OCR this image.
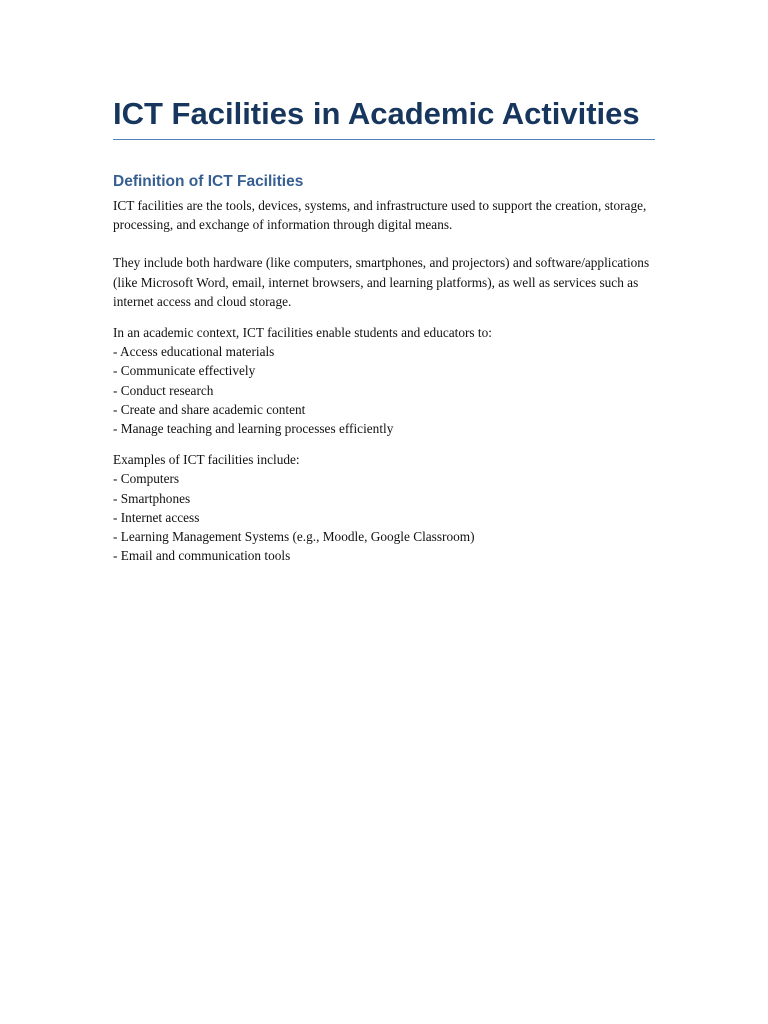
ICT Facilities in Academic Activities
Definition of ICT Facilities

ICT facilities are the tools, devices, systems, and infrastructure used to support the creation, storage, processing, and exchange of information through digital means.

They include both hardware (like computers, smartphones, and projectors) and software/applications (like Microsoft Word, email, internet browsers, and learning platforms), as well as services such as internet access and cloud storage.

In an academic context, ICT facilities enable students and educators to:

- Access educational materials

- Communicate effectively

- Conduct research

- Create and share academic content

- Manage teaching and learning processes efficiently

Examples of ICT facilities include:

- Computers

- Smartphones

- Internet access

- Learning Management Systems (e.g., Moodle, Google Classroom)

- Email and communication tools
